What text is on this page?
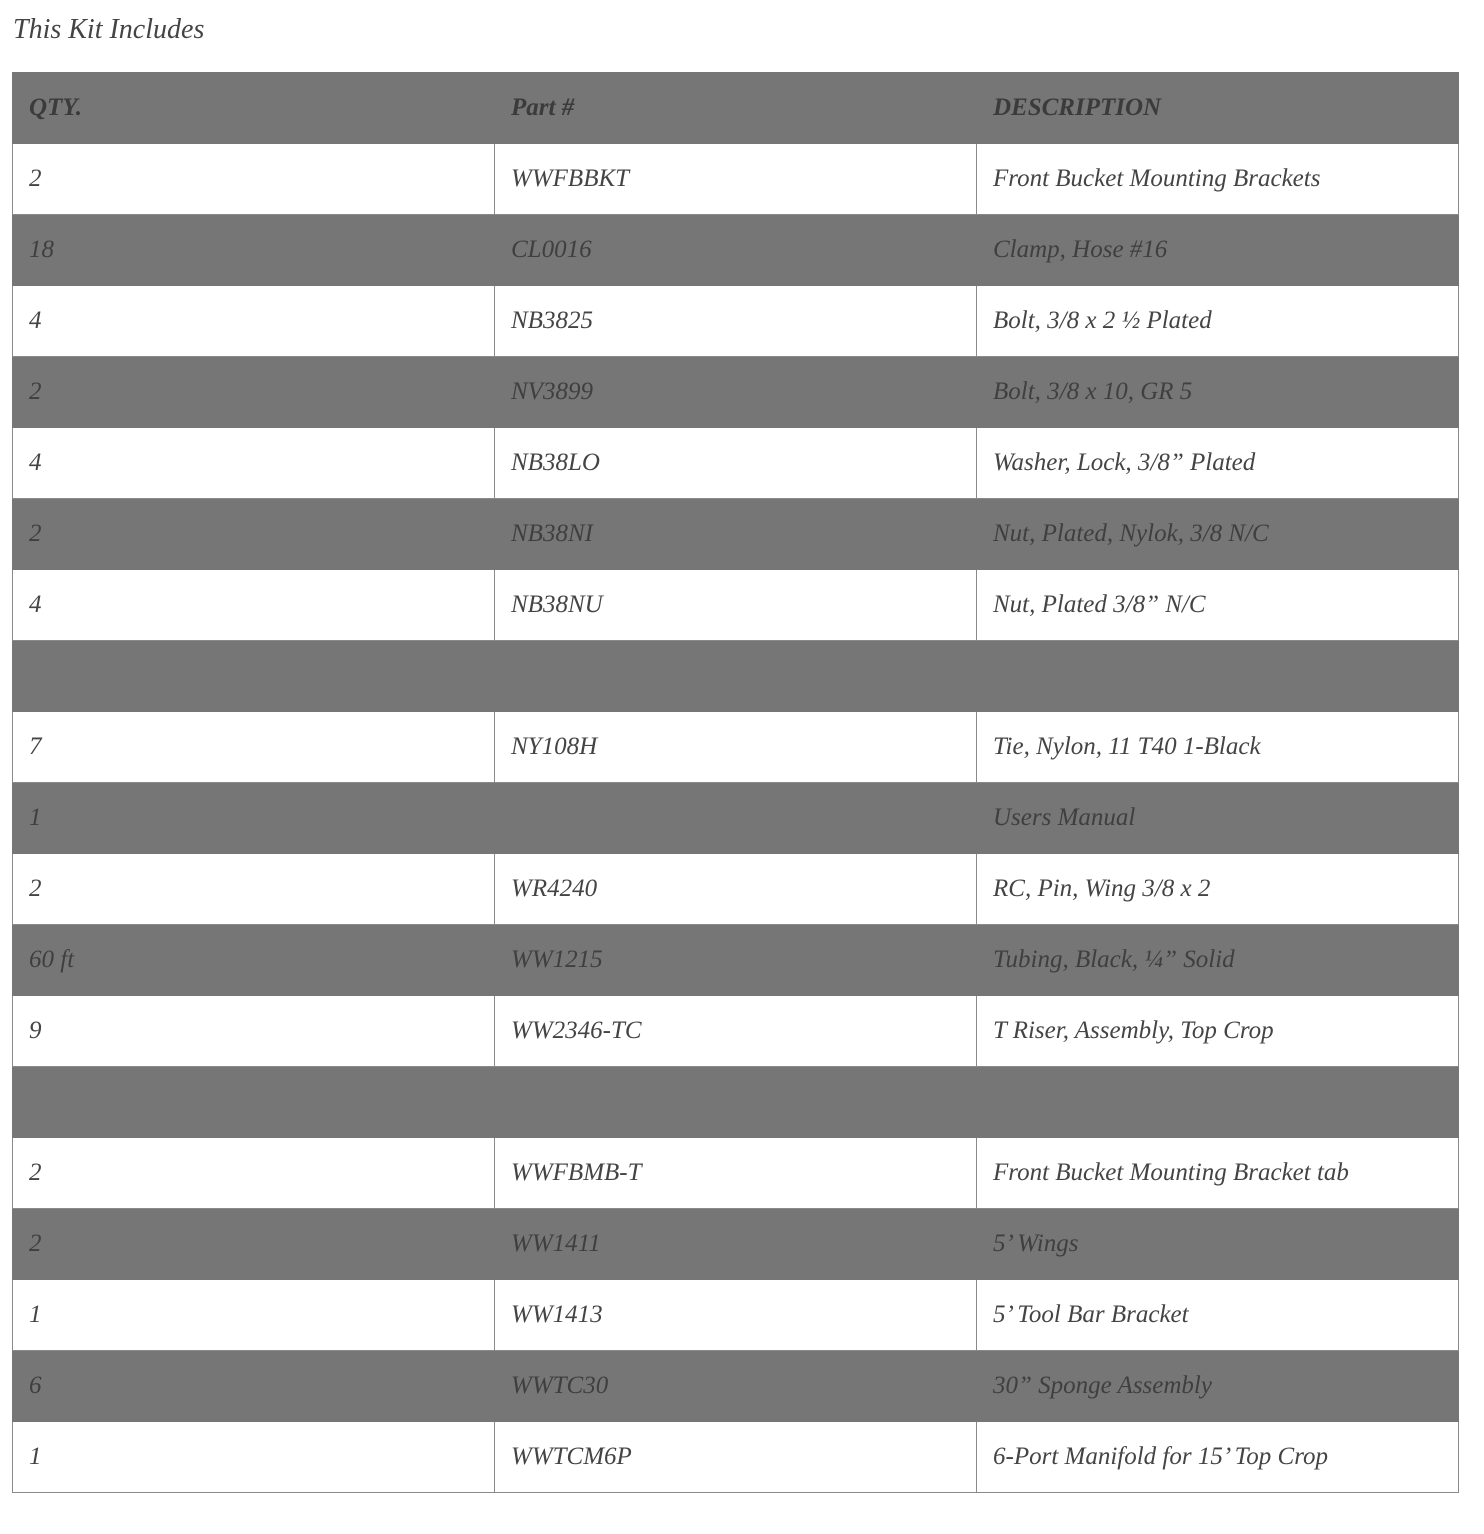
This Kit Includes
QTY.	Part #	DESCRIPTION
2	WWFBBKT	Front Bucket Mounting Brackets
18	CL0016	Clamp, Hose #16
4	NB3825	Bolt, 3/8 x 2 ½ Plated
2	NV3899	Bolt, 3/8 x 10, GR 5
4	NB38LO	Washer, Lock, 3/8” Plated
2	NB38NI	Nut, Plated, Nylok, 3/8 N/C
4	NB38NU	Nut, Plated 3/8” N/C

7	NY108H	Tie, Nylon, 11 T40 1-Black
1		Users Manual
2	WR4240	RC, Pin, Wing 3/8 x 2
60 ft	WW1215	Tubing, Black, ¼” Solid
9	WW2346-TC	T Riser, Assembly, Top Crop

2	WWFBMB-T	Front Bucket Mounting Bracket tab
2	WW1411	5’ Wings
1	WW1413	5’ Tool Bar Bracket
6	WWTC30	30” Sponge Assembly
1	WWTCM6P	6-Port Manifold for 15’ Top Crop
